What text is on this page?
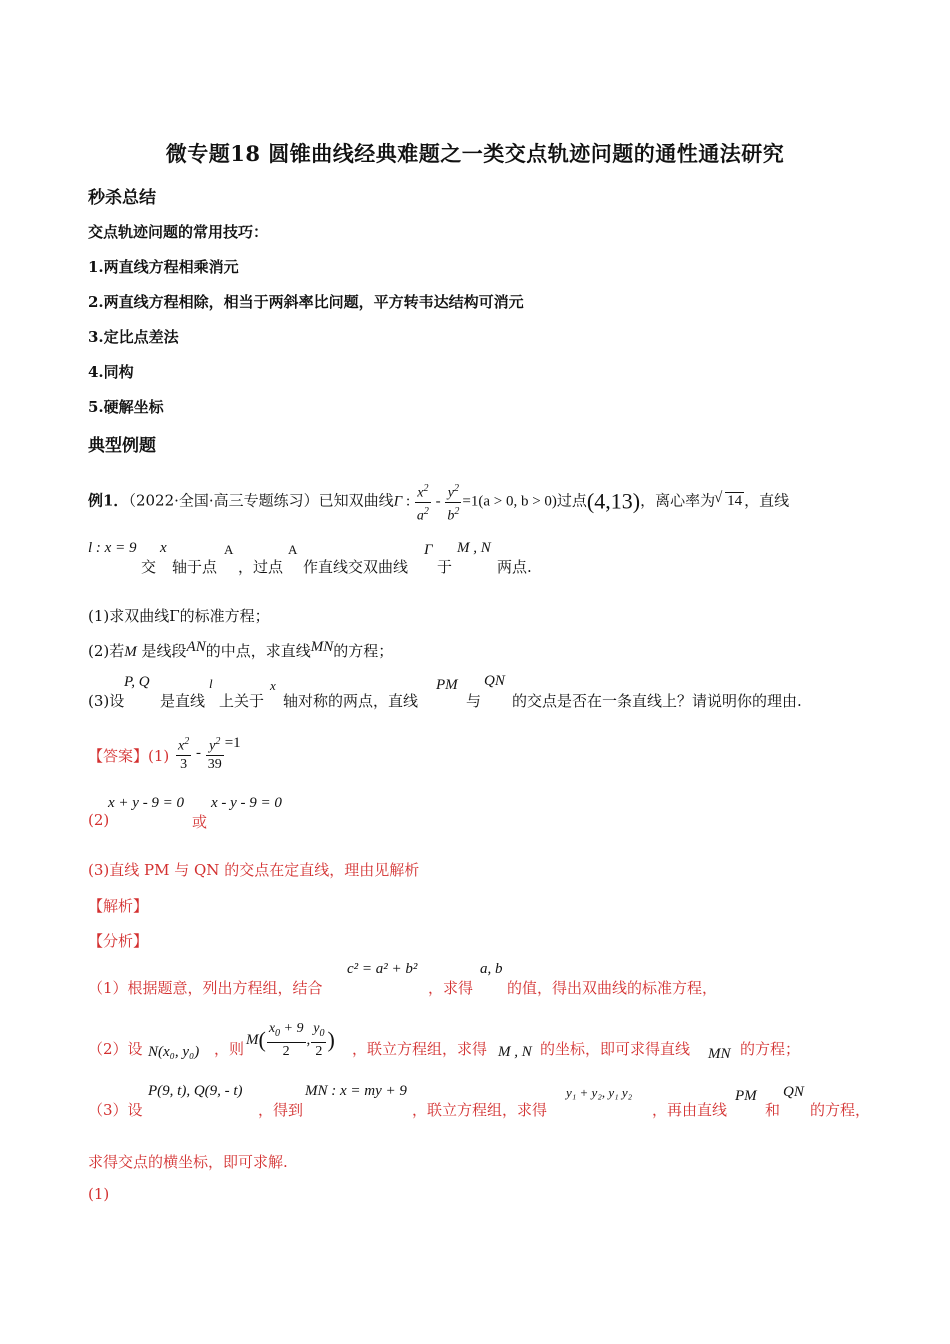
微专题18 圆锥曲线经典难题之一类交点轨迹问题的通性通法研究
秒杀总结
交点轨迹问题的常用技巧：
1.两直线方程相乘消元
2.两直线方程相除，相当于两斜率比问题，平方转韦达结构可消元
3.定比点差法
4.同构
5.硬解坐标
典型例题
例1．（2022·全国·高三专题练习）已知双曲线Γ : $\frac{x^2}{a^2} - \frac{y^2}{b^2} =1(a > 0$, b > 0)过点(4,13)，离心率为√ 14 ，直线
l : x = 9
交
x
轴于点
A
，过点
A
作直线交双曲线
Γ
于
M , N
两点.
(1)求双曲线Γ的标准方程；
(2)若M 是线段AN的中点，求直线MN的方程；
(3)设
P, Q
是直线
l
上关于
x
轴对称的两点，直线
PM
与
QN
的交点是否在一条直线上？请说明你的理由.
【答案】$(1) \frac{x^2}{3} - \frac{y^2}{39} =1$
x + y - 9 = 0
(2)	或
x - y - 9 = 0
(3)直线 PM 与 QN 的交点在定直线，理由见解析
【解析】
【分析】
（1）根据题意，列出方程组，结合
c² = a² + b²
，求得
a, b
的值，得出双曲线的标准方程，
（2）设 N(x₀, y₀) ，则
$M( \frac{x_0 + 9}{2}$ , $\frac{y_0}{2}$ ) ，联立方程组，求得 M , N 的坐标，即可求得直线 MN 的方程；
（3）设
P(9, t), Q(9, - t)
，得到
MN : x = my + 9
，联立方程组，求得
y₁ + y₂, y₁ y₂
，再由直线
PM
和
QN
的方程，
求得交点的横坐标，即可求解.
(1)
